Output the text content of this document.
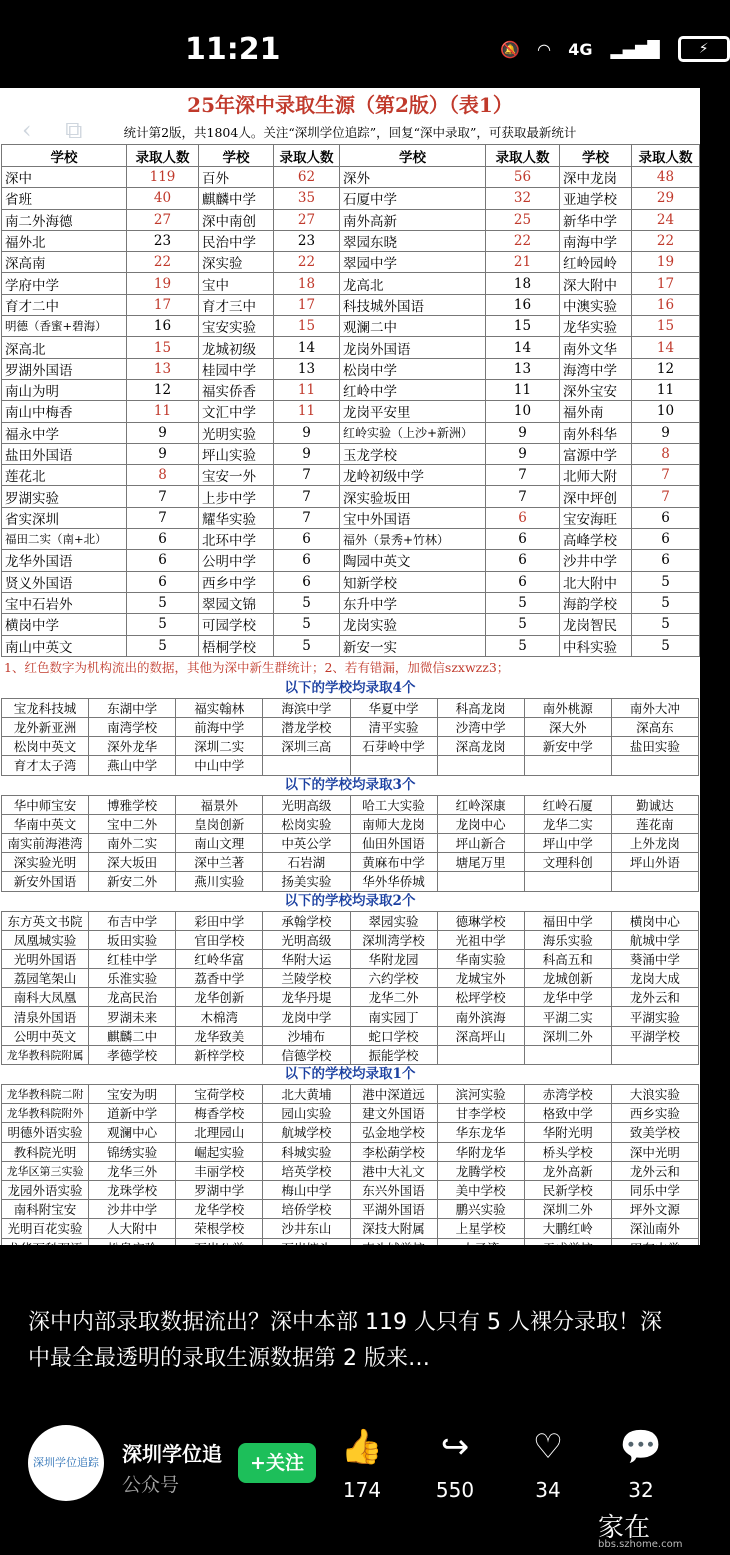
11:21	🔕 ◠ 4G ▂▄▆█	⚡
‹ ⧉
25年深中录取生源（第2版）（表1）
统计第2版，共1804人。关注“深圳学位追踪”，回复“深中录取”，可获取最新统计
学校	录取人数	学校	录取人数	学校	录取人数	学校	录取人数
深中	119	百外	62	深外	56	深中龙岗	48
省班	40	麒麟中学	35	石厦中学	32	亚迪学校	29
南二外海德	27	深中南创	27	南外高新	25	新华中学	24
福外北	23	民治中学	23	翠园东晓	22	南海中学	22
深高南	22	深实验	22	翠园中学	21	红岭园岭	19
学府中学	19	宝中	18	龙高北	18	深大附中	17
育才二中	17	育才三中	17	科技城外国语	16	中澳实验	16
明德（香蜜+碧海）	16	宝安实验	15	观澜二中	15	龙华实验	15
深高北	15	龙城初级	14	龙岗外国语	14	南外文华	14
罗湖外国语	13	桂园中学	13	松岗中学	13	海湾中学	12
南山为明	12	福实侨香	11	红岭中学	11	深外宝安	11
南山中梅香	11	文汇中学	11	龙岗平安里	10	福外南	10
福永中学	9	光明实验	9	红岭实验（上沙+新洲）	9	南外科华	9
盐田外国语	9	坪山实验	9	玉龙学校	9	富源中学	8
莲花北	8	宝安一外	7	龙岭初级中学	7	北师大附	7
罗湖实验	7	上步中学	7	深实验坂田	7	深中坪创	7
省实深圳	7	耀华实验	7	宝中外国语	6	宝安海旺	6
福田二实（南+北）	6	北环中学	6	福外（景秀+竹林）	6	高峰学校	6
龙华外国语	6	公明中学	6	陶园中英文	6	沙井中学	6
贤义外国语	6	西乡中学	6	知新学校	6	北大附中	5
宝中石岩外	5	翠园文锦	5	东升中学	5	海韵学校	5
横岗中学	5	可园学校	5	龙岗实验	5	龙岗智民	5
南山中英文	5	梧桐学校	5	新安一实	5	中科实验	5
1、红色数字为机构流出的数据，其他为深中新生群统计；2、若有错漏，加微信szxwzz3；
以下的学校均录取4个
宝龙科技城	东湖中学	福实翰林	海滨中学	华夏中学	科高龙岗	南外桃源	南外大冲
龙外新亚洲	南湾学校	前海中学	潜龙学校	清平实验	沙湾中学	深大外	深高东
松岗中英文	深外龙华	深圳二实	深圳三高	石芽岭中学	深高龙岗	新安中学	盐田实验
育才太子湾	燕山中学	中山中学					
以下的学校均录取3个
华中师宝安	博雅学校	福景外	光明高级	哈工大实验	红岭深康	红岭石厦	勤诚达
华南中英文	宝中二外	皇岗创新	松岗实验	南师大龙岗	龙岗中心	龙华二实	莲花南
南实前海港湾	南外二实	南山文理	中英公学	仙田外国语	坪山新合	坪山中学	上外龙岗
深实验光明	深大坂田	深中兰著	石岩湖	黄麻布中学	塘尾万里	文理科创	坪山外语
新安外国语	新安二外	燕川实验	扬美实验	华外华侨城			
以下的学校均录取2个
东方英文书院	布吉中学	彩田中学	承翰学校	翠园实验	德琳学校	福田中学	横岗中心
凤凰城实验	坂田实验	官田学校	光明高级	深圳湾学校	光祖中学	海乐实验	航城中学
光明外国语	红桂中学	红岭华富	华附大运	华附龙园	华南实验	科高五和	葵涌中学
荔园笔架山	乐淮实验	荔香中学	兰陵学校	六约学校	龙城宝外	龙城创新	龙岗大成
南科大凤凰	龙高民治	龙华创新	龙华丹堤	龙华二外	松坪学校	龙华中学	龙外云和
清泉外国语	罗湖未来	木棉湾	龙岗中学	南实园丁	南外滨海	平湖二实	平湖实验
公明中英文	麒麟二中	龙华致美	沙埔布	蛇口学校	深高坪山	深圳二外	平湖学校
龙华教科院附属	孝德学校	新梓学校	信德学校	振能学校			
以下的学校均录取1个
龙华教科院二附	宝安为明	宝荷学校	北大黄埔	港中深道远	滨河实验	赤湾学校	大浪实验
龙华教科院附外	道新中学	梅香学校	园山实验	建文外国语	甘李学校	格致中学	西乡实验
明德外语实验	观澜中心	北理园山	航城学校	弘金地学校	华东龙华	华附光明	致美学校
教科院光明	锦绣实验	崛起实验	科城实验	李松蓢学校	华附龙华	桥头学校	深中光明
龙华区第三实验	龙华三外	丰丽学校	培英学校	港中大礼文	龙腾学校	龙外高新	龙外云和
龙园外语实验	龙珠学校	罗湖中学	梅山中学	东兴外国语	美中学校	民新学校	同乐中学
南科附宝安	沙井中学	龙华学校	培侨学校	平湖外国语	鹏兴实验	深圳二外	坪外文源
光明百花实验	人大附中	荣根学校	沙井东山	深技大附属	上星学校	大鹏红岭	深汕南外

深中内部录取数据流出？深中本部 119 人只有 5 人裸分录取！深中最全最透明的录取生源数据第 2 版来…
深圳学位追踪 深圳学位追
公众号
+关注	👍
174
↪
550
♡
34
💬
32
家在
bbs.szhome.com
